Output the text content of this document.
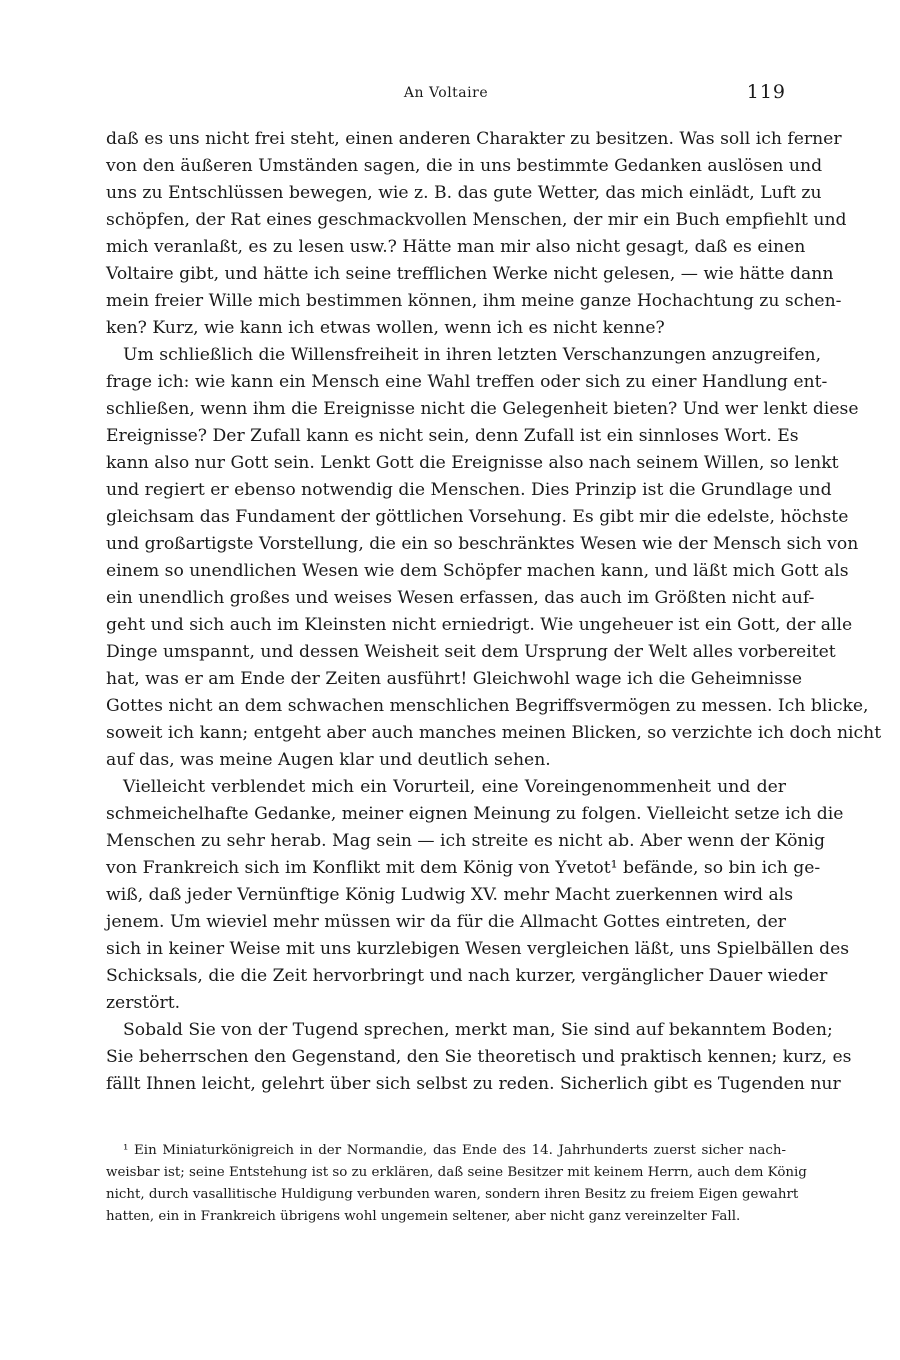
An Voltaire	119
daß es uns nicht frei steht, einen anderen Charakter zu besitzen. Was soll ich ferner
von den äußeren Umständen sagen, die in uns bestimmte Gedanken auslösen und
uns zu Entschlüssen bewegen, wie z. B. das gute Wetter, das mich einlädt, Luft zu
schöpfen, der Rat eines geschmackvollen Menschen, der mir ein Buch empfiehlt und
mich veranlaßt, es zu lesen usw.? Hätte man mir also nicht gesagt, daß es einen
Voltaire gibt, und hätte ich seine trefflichen Werke nicht gelesen, — wie hätte dann
mein freier Wille mich bestimmen können, ihm meine ganze Hochachtung zu schen-
ken? Kurz, wie kann ich etwas wollen, wenn ich es nicht kenne?
Um schließlich die Willensfreiheit in ihren letzten Verschanzungen anzugreifen,
frage ich: wie kann ein Mensch eine Wahl treffen oder sich zu einer Handlung ent-
schließen, wenn ihm die Ereignisse nicht die Gelegenheit bieten? Und wer lenkt diese
Ereignisse? Der Zufall kann es nicht sein, denn Zufall ist ein sinnloses Wort. Es
kann also nur Gott sein. Lenkt Gott die Ereignisse also nach seinem Willen, so lenkt
und regiert er ebenso notwendig die Menschen. Dies Prinzip ist die Grundlage und
gleichsam das Fundament der göttlichen Vorsehung. Es gibt mir die edelste, höchste
und großartigste Vorstellung, die ein so beschränktes Wesen wie der Mensch sich von
einem so unendlichen Wesen wie dem Schöpfer machen kann, und läßt mich Gott als
ein unendlich großes und weises Wesen erfassen, das auch im Größten nicht auf-
geht und sich auch im Kleinsten nicht erniedrigt. Wie ungeheuer ist ein Gott, der alle
Dinge umspannt, und dessen Weisheit seit dem Ursprung der Welt alles vorbereitet
hat, was er am Ende der Zeiten ausführt! Gleichwohl wage ich die Geheimnisse
Gottes nicht an dem schwachen menschlichen Begriffsvermögen zu messen. Ich blicke,
soweit ich kann; entgeht aber auch manches meinen Blicken, so verzichte ich doch nicht
auf das, was meine Augen klar und deutlich sehen.
Vielleicht verblendet mich ein Vorurteil, eine Voreingenommenheit und der
schmeichelhafte Gedanke, meiner eignen Meinung zu folgen. Vielleicht setze ich die
Menschen zu sehr herab. Mag sein — ich streite es nicht ab. Aber wenn der König
von Frankreich sich im Konflikt mit dem König von Yvetot¹ befände, so bin ich ge-
wiß, daß jeder Vernünftige König Ludwig XV. mehr Macht zuerkennen wird als
jenem. Um wieviel mehr müssen wir da für die Allmacht Gottes eintreten, der
sich in keiner Weise mit uns kurzlebigen Wesen vergleichen läßt, uns Spielbällen des
Schicksals, die die Zeit hervorbringt und nach kurzer, vergänglicher Dauer wieder
zerstört.
Sobald Sie von der Tugend sprechen, merkt man, Sie sind auf bekanntem Boden;
Sie beherrschen den Gegenstand, den Sie theoretisch und praktisch kennen; kurz, es
fällt Ihnen leicht, gelehrt über sich selbst zu reden. Sicherlich gibt es Tugenden nur
¹ Ein Miniaturkönigreich in der Normandie, das Ende des 14. Jahrhunderts zuerst sicher nach-
weisbar ist; seine Entstehung ist so zu erklären, daß seine Besitzer mit keinem Herrn, auch dem König
nicht, durch vasallitische Huldigung verbunden waren, sondern ihren Besitz zu freiem Eigen gewahrt
hatten, ein in Frankreich übrigens wohl ungemein seltener, aber nicht ganz vereinzelter Fall.
